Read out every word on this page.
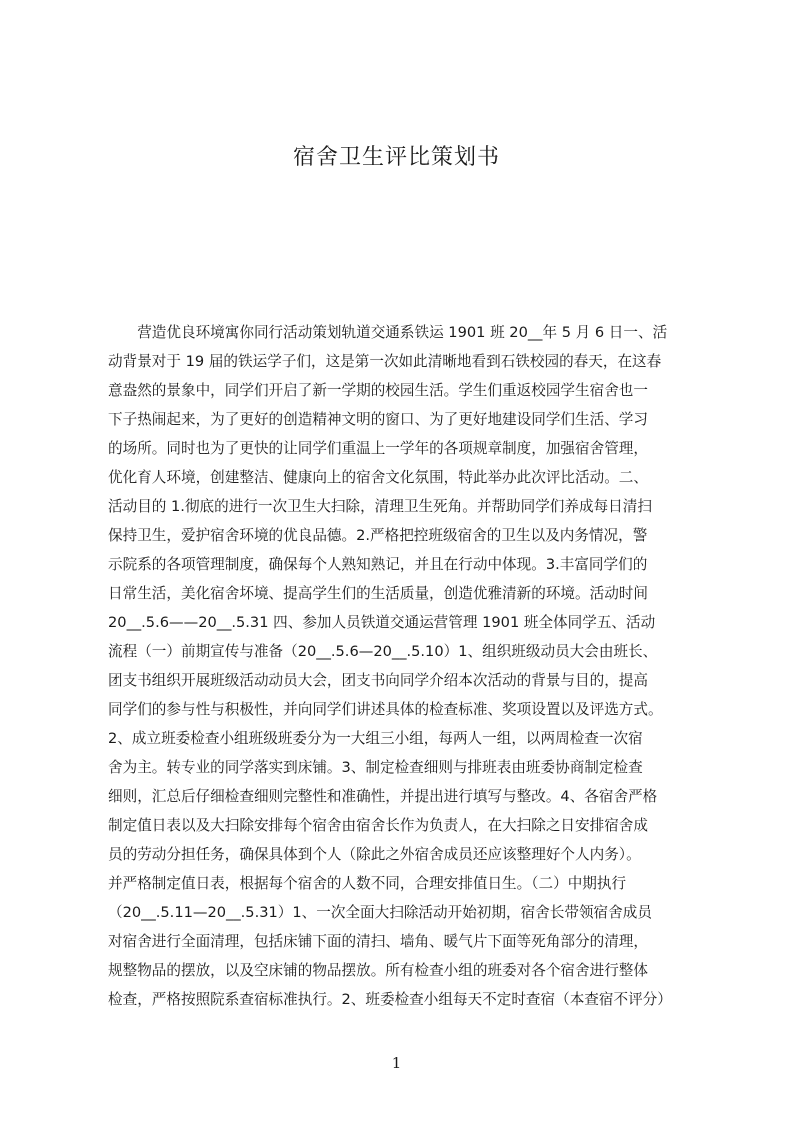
宿舍卫生评比策划书
　　营造优良环境寓你同行活动策划轨道交通系铁运 1901 班 20__年 5 月 6 日一、活
动背景对于 19 届的铁运学子们，这是第一次如此清晰地看到石铁校园的春天，在这春
意盎然的景象中，同学们开启了新一学期的校园生活。学生们重返校园学生宿舍也一
下子热闹起来，为了更好的创造精神文明的窗口、为了更好地建设同学们生活、学习
的场所。同时也为了更快的让同学们重温上一学年的各项规章制度，加强宿舍管理，
优化育人环境，创建整洁、健康向上的宿舍文化氛围，特此举办此次评比活动。二、
活动目的 1.彻底的进行一次卫生大扫除，清理卫生死角。并帮助同学们养成每日清扫
保持卫生，爱护宿舍环境的优良品德。2.严格把控班级宿舍的卫生以及内务情况，警
示院系的各项管理制度，确保每个人熟知熟记，并且在行动中体现。3.丰富同学们的
日常生活，美化宿舍坏境、提高学生们的生活质量，创造优雅清新的环境。活动时间
20__.5.6——20__.5.31 四、参加人员铁道交通运营管理 1901 班全体同学五、活动
流程（一）前期宣传与准备（20__.5.6—20__.5.10）1、组织班级动员大会由班长、
团支书组织开展班级活动动员大会，团支书向同学介绍本次活动的背景与目的，提高
同学们的参与性与积极性，并向同学们讲述具体的检查标准、奖项设置以及评选方式。
2、成立班委检查小组班级班委分为一大组三小组，每两人一组，以两周检查一次宿
舍为主。转专业的同学落实到床铺。3、制定检查细则与排班表由班委协商制定检查
细则，汇总后仔细检查细则完整性和准确性，并提出进行填写与整改。4、各宿舍严格
制定值日表以及大扫除安排每个宿舍由宿舍长作为负责人，在大扫除之日安排宿舍成
员的劳动分担任务，确保具体到个人（除此之外宿舍成员还应该整理好个人内务）。
并严格制定值日表，根据每个宿舍的人数不同，合理安排值日生。（二）中期执行
（20__.5.11—20__.5.31）1、一次全面大扫除活动开始初期，宿舍长带领宿舍成员
对宿舍进行全面清理，包括床铺下面的清扫、墙角、暖气片下面等死角部分的清理，
规整物品的摆放，以及空床铺的物品摆放。所有检查小组的班委对各个宿舍进行整体
检查，严格按照院系查宿标准执行。2、班委检查小组每天不定时查宿（本查宿不评分）
1
